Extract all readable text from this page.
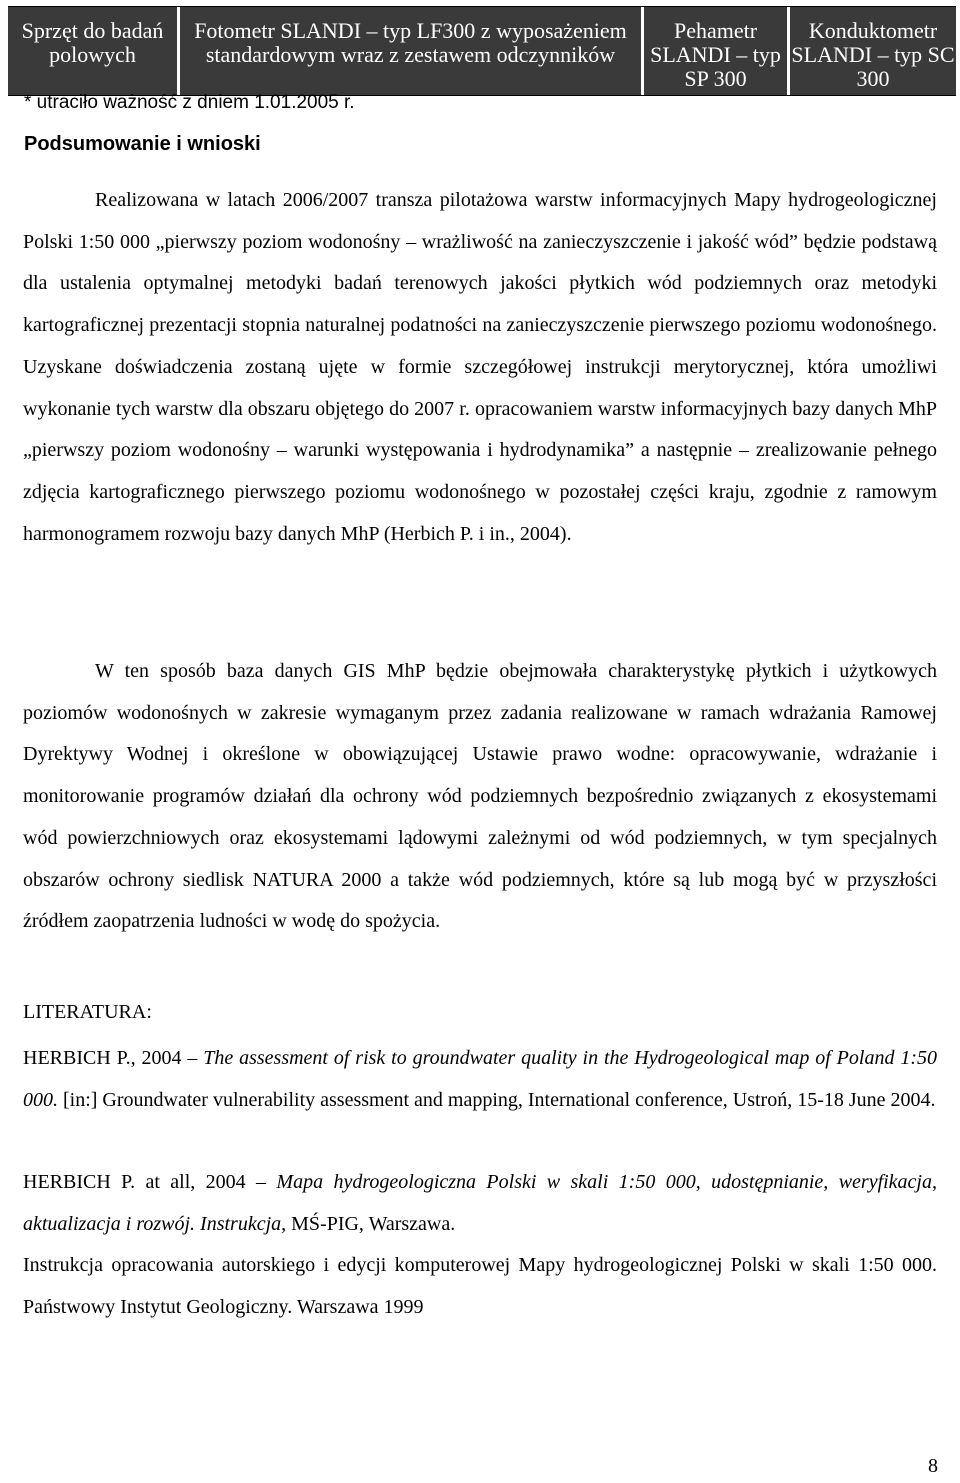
Sprzęt do badań polowych
Fotometr SLANDI – typ LF300 z wyposażeniem standardowym wraz z zestawem odczynników
Pehametr SLANDI – typ SP 300
Konduktometr SLANDI – typ SC 300
* utraciło ważność z dniem 1.01.2005 r.
Podsumowanie i wnioski

Realizowana w latach 2006/2007 transza pilotażowa warstw informacyjnych Mapy hydrogeologicznej Polski 1:50 000 „pierwszy poziom wodonośny – wrażliwość na zanieczyszczenie i jakość wód” będzie podstawą dla ustalenia optymalnej metodyki badań terenowych jakości płytkich wód podziemnych oraz metodyki kartograficznej prezentacji stopnia naturalnej podatności na zanieczyszczenie pierwszego poziomu wodonośnego. Uzyskane doświadczenia zostaną ujęte w formie szczegółowej instrukcji merytorycznej, która umożliwi wykonanie tych warstw dla obszaru objętego do 2007 r. opracowaniem warstw informacyjnych bazy danych MhP „pierwszy poziom wodonośny – warunki występowania i hydrodynamika” a następnie – zrealizowanie pełnego zdjęcia kartograficznego pierwszego poziomu wodonośnego w pozostałej części kraju, zgodnie z ramowym harmonogramem rozwoju bazy danych MhP (Herbich P. i in., 2004).

W ten sposób baza danych GIS MhP będzie obejmowała charakterystykę płytkich i użytkowych poziomów wodonośnych w zakresie wymaganym przez zadania realizowane w ramach wdrażania Ramowej Dyrektywy Wodnej i określone w obowiązującej Ustawie prawo wodne: opracowywanie, wdrażanie i monitorowanie programów działań dla ochrony wód podziemnych bezpośrednio związanych z ekosystemami wód powierzchniowych oraz ekosystemami lądowymi zależnymi od wód podziemnych, w tym specjalnych obszarów ochrony siedlisk NATURA 2000 a także wód podziemnych, które są lub mogą być w przyszłości źródłem zaopatrzenia ludności w wodę do spożycia.

LITERATURA:

HERBICH P., 2004 – The assessment of risk to groundwater quality in the Hydrogeological map of Poland 1:50 000. [in:] Groundwater vulnerability assessment and mapping, International conference, Ustroń, 15-18 June 2004.

HERBICH P. at all, 2004 – Mapa hydrogeologiczna Polski w skali 1:50 000, udostępnianie, weryfikacja, aktualizacja i rozwój. Instrukcja, MŚ-PIG, Warszawa.

Instrukcja opracowania autorskiego i edycji komputerowej Mapy hydrogeologicznej Polski w skali 1:50 000. Państwowy Instytut Geologiczny. Warszawa 1999

8
